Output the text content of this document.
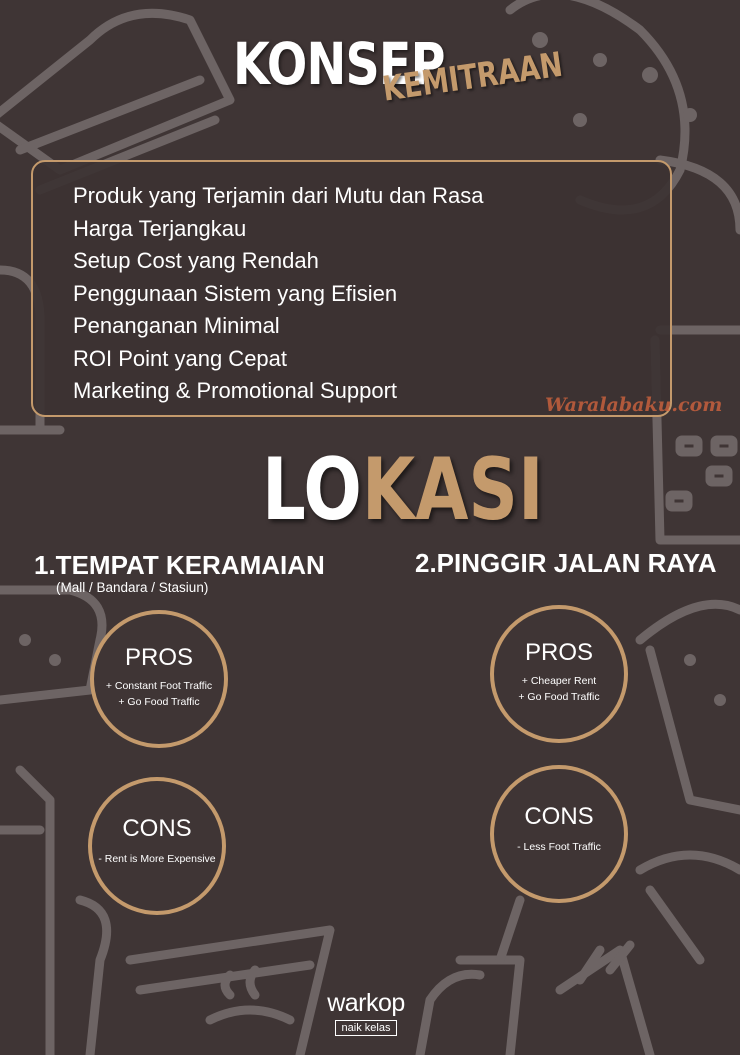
KONSEP
KEMITRAAN
Produk yang Terjamin dari Mutu dan Rasa
Harga Terjangkau
Setup Cost yang Rendah
Penggunaan Sistem yang Efisien
Penanganan Minimal
ROI Point yang Cepat
Marketing & Promotional Support
Waralabaku.com
LOKASI
1.TEMPAT KERAMAIAN
(Mall / Bandara / Stasiun)
PROS
+ Constant Foot Traffic
+ Go Food Traffic
CONS
- Rent is More Expensive
2.PINGGIR JALAN RAYA
PROS
+ Cheaper Rent
+ Go Food Traffic
CONS
- Less Foot Traffic
warkop
naik kelas
